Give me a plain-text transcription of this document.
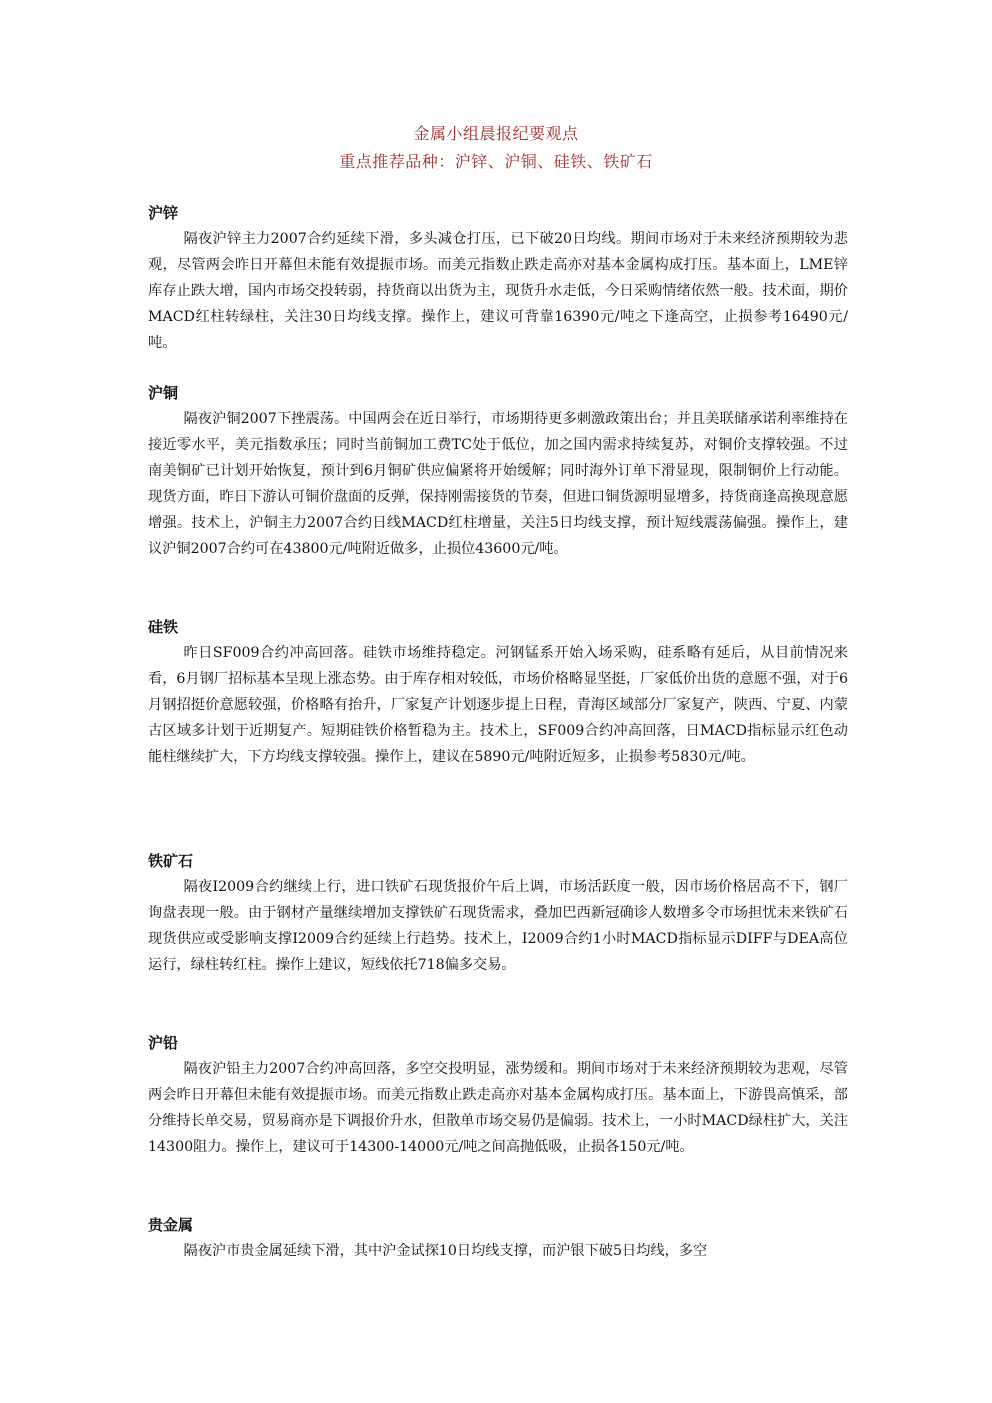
金属小组晨报纪要观点
重点推荐品种：沪锌、沪铜、硅铁、铁矿石

沪锌

隔夜沪锌主力2007合约延续下滑，多头减仓打压，已下破20日均线。期间市场对于未来经济预期较为悲观，尽管两会昨日开幕但未能有效提振市场。而美元指数止跌走高亦对基本金属构成打压。基本面上，LME锌库存止跌大增，国内市场交投转弱，持货商以出货为主，现货升水走低，今日采购情绪依然一般。技术面，期价MACD红柱转绿柱，关注30日均线支撑。操作上，建议可背靠16390元/吨之下逢高空，止损参考16490元/吨。

沪铜

隔夜沪铜2007下挫震荡。中国两会在近日举行，市场期待更多刺激政策出台；并且美联储承诺利率维持在接近零水平，美元指数承压；同时当前铜加工费TC处于低位，加之国内需求持续复苏，对铜价支撑较强。不过南美铜矿已计划开始恢复，预计到6月铜矿供应偏紧将开始缓解；同时海外订单下滑显现，限制铜价上行动能。现货方面，昨日下游认可铜价盘面的反弹，保持刚需接货的节奏，但进口铜货源明显增多，持货商逢高换现意愿增强。技术上，沪铜主力2007合约日线MACD红柱增量，关注5日均线支撑，预计短线震荡偏强。操作上，建议沪铜2007合约可在43800元/吨附近做多，止损位43600元/吨。

硅铁

昨日SF009合约冲高回落。硅铁市场维持稳定。河钢锰系开始入场采购，硅系略有延后，从目前情况来看，6月钢厂招标基本呈现上涨态势。由于库存相对较低，市场价格略显坚挺，厂家低价出货的意愿不强，对于6月钢招挺价意愿较强，价格略有抬升，厂家复产计划逐步提上日程，青海区域部分厂家复产，陕西、宁夏、内蒙古区域多计划于近期复产。短期硅铁价格暂稳为主。技术上，SF009合约冲高回落，日MACD指标显示红色动能柱继续扩大，下方均线支撑较强。操作上，建议在5890元/吨附近短多，止损参考5830元/吨。

铁矿石

隔夜I2009合约继续上行，进口铁矿石现货报价午后上调，市场活跃度一般，因市场价格居高不下，钢厂询盘表现一般。由于钢材产量继续增加支撑铁矿石现货需求，叠加巴西新冠确诊人数增多令市场担忧未来铁矿石现货供应或受影响支撑I2009合约延续上行趋势。技术上，I2009合约1小时MACD指标显示DIFF与DEA高位运行，绿柱转红柱。操作上建议，短线依托718偏多交易。

沪铅

隔夜沪铅主力2007合约冲高回落，多空交投明显，涨势缓和。期间市场对于未来经济预期较为悲观，尽管两会昨日开幕但未能有效提振市场。而美元指数止跌走高亦对基本金属构成打压。基本面上，下游畏高慎采，部分维持长单交易，贸易商亦是下调报价升水，但散单市场交易仍是偏弱。技术上，一小时MACD绿柱扩大，关注14300阻力。操作上，建议可于14300-14000元/吨之间高抛低吸，止损各150元/吨。

贵金属

隔夜沪市贵金属延续下滑，其中沪金试探10日均线支撑，而沪银下破5日均线，多空
